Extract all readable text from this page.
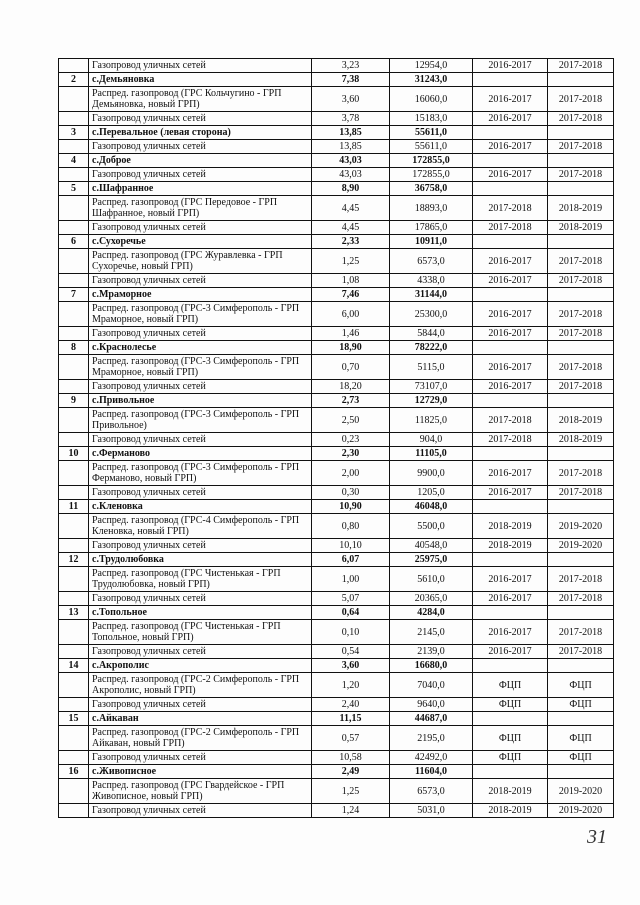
	Газопровод уличных сетей	3,23	12954,0	2016-2017	2017-2018
2	с.Демьяновка	7,38	31243,0		
	Распред. газопровод (ГРС Кольчугино - ГРП Демьяновка, новый ГРП)	3,60	16060,0	2016-2017	2017-2018
	Газопровод уличных сетей	3,78	15183,0	2016-2017	2017-2018
3	с.Перевальное (левая сторона)	13,85	55611,0		
	Газопровод уличных сетей	13,85	55611,0	2016-2017	2017-2018
4	с.Доброе	43,03	172855,0		
	Газопровод уличных сетей	43,03	172855,0	2016-2017	2017-2018
5	с.Шафранное	8,90	36758,0		
	Распред. газопровод (ГРС Передовое - ГРП Шафранное, новый ГРП)	4,45	18893,0	2017-2018	2018-2019
	Газопровод уличных сетей	4,45	17865,0	2017-2018	2018-2019
6	с.Сухоречье	2,33	10911,0		
	Распред. газопровод (ГРС Журавлевка - ГРП Сухоречье, новый ГРП)	1,25	6573,0	2016-2017	2017-2018
	Газопровод уличных сетей	1,08	4338,0	2016-2017	2017-2018
7	с.Мраморное	7,46	31144,0		
	Распред. газопровод (ГРС-3 Симферополь - ГРП Мраморное, новый ГРП)	6,00	25300,0	2016-2017	2017-2018
	Газопровод уличных сетей	1,46	5844,0	2016-2017	2017-2018
8	с.Краснолесье	18,90	78222,0		
	Распред. газопровод (ГРС-3 Симферополь - ГРП Мраморное, новый ГРП)	0,70	5115,0	2016-2017	2017-2018
	Газопровод уличных сетей	18,20	73107,0	2016-2017	2017-2018
9	с.Привольное	2,73	12729,0		
	Распред. газопровод (ГРС-3 Симферополь - ГРП Привольное)	2,50	11825,0	2017-2018	2018-2019
	Газопровод уличных сетей	0,23	904,0	2017-2018	2018-2019
10	с.Ферманово	2,30	11105,0		
	Распред. газопровод (ГРС-3 Симферополь - ГРП Ферманово, новый ГРП)	2,00	9900,0	2016-2017	2017-2018
	Газопровод уличных сетей	0,30	1205,0	2016-2017	2017-2018
11	с.Кленовка	10,90	46048,0		
	Распред. газопровод (ГРС-4 Симферополь - ГРП Кленовка, новый ГРП)	0,80	5500,0	2018-2019	2019-2020
	Газопровод уличных сетей	10,10	40548,0	2018-2019	2019-2020
12	с.Трудолюбовка	6,07	25975,0		
	Распред. газопровод (ГРС Чистенькая - ГРП Трудолюбовка, новый ГРП)	1,00	5610,0	2016-2017	2017-2018
	Газопровод уличных сетей	5,07	20365,0	2016-2017	2017-2018
13	с.Топольное	0,64	4284,0		
	Распред. газопровод (ГРС Чистенькая - ГРП Топольное, новый ГРП)	0,10	2145,0	2016-2017	2017-2018
	Газопровод уличных сетей	0,54	2139,0	2016-2017	2017-2018
14	с.Акрополис	3,60	16680,0		
	Распред. газопровод (ГРС-2 Симферополь - ГРП Акрополис, новый ГРП)	1,20	7040,0	ФЦП	ФЦП
	Газопровод уличных сетей	2,40	9640,0	ФЦП	ФЦП
15	с.Айкаван	11,15	44687,0		
	Распред. газопровод (ГРС-2 Симферополь - ГРП Айкаван, новый ГРП)	0,57	2195,0	ФЦП	ФЦП
	Газопровод уличных сетей	10,58	42492,0	ФЦП	ФЦП
16	с.Живописное	2,49	11604,0		
	Распред. газопровод (ГРС Гвардейское - ГРП Живописное, новый ГРП)	1,25	6573,0	2018-2019	2019-2020
	Газопровод уличных сетей	1,24	5031,0	2018-2019	2019-2020
31
